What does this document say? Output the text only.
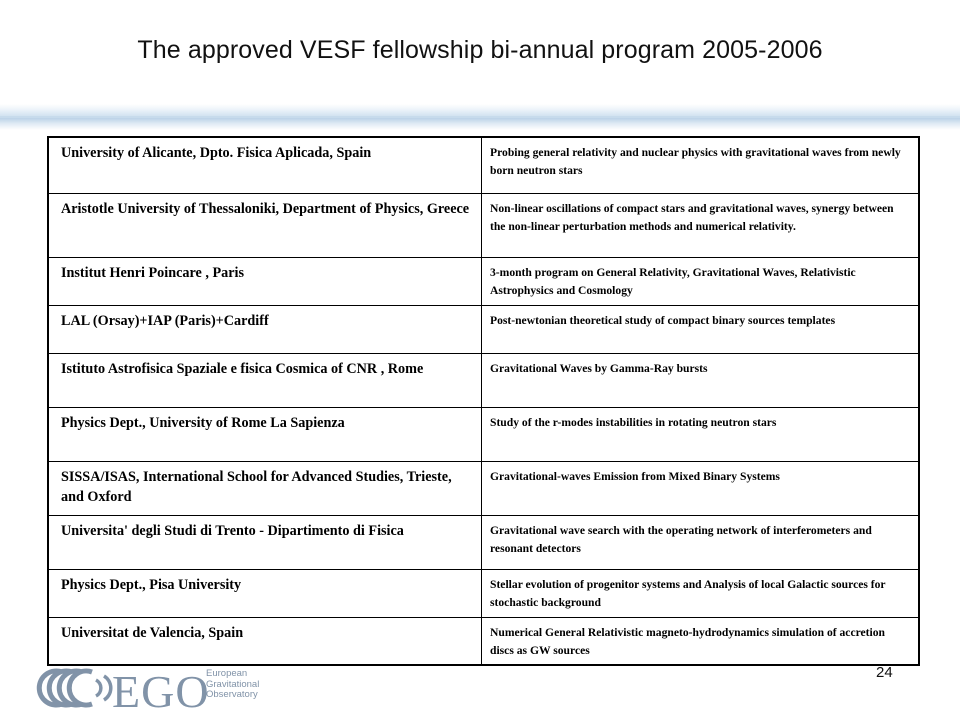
The approved VESF fellowship bi-annual program 2005-2006
University of Alicante, Dpto. Fisica Aplicada, Spain	Probing general relativity and nuclear physics with gravitational waves from newly born neutron stars
Aristotle University of Thessaloniki, Department of Physics, Greece	Non-linear oscillations of compact stars and gravitational waves, synergy between the non-linear perturbation methods and numerical relativity.
Institut Henri Poincare , Paris	3-month program on General Relativity, Gravitational Waves, Relativistic Astrophysics and Cosmology
LAL (Orsay)+IAP (Paris)+Cardiff	Post-newtonian theoretical study of compact binary sources templates
Istituto Astrofisica Spaziale e fisica Cosmica of CNR , Rome	Gravitational Waves by Gamma-Ray bursts
Physics Dept., University of Rome La Sapienza	Study of the r-modes instabilities in rotating neutron stars
SISSA/ISAS, International School for Advanced Studies, Trieste, and Oxford	Gravitational-waves Emission from Mixed Binary Systems
Universita' degli Studi di Trento - Dipartimento di Fisica	Gravitational wave search with the operating network of interferometers and resonant detectors
Physics Dept., Pisa University	Stellar evolution of progenitor systems and Analysis of local Galactic sources for stochastic background
Universitat de Valencia, Spain	Numerical General Relativistic magneto-hydrodynamics simulation of accretion discs as GW sources
24
EGO
European
Gravitational
Observatory
